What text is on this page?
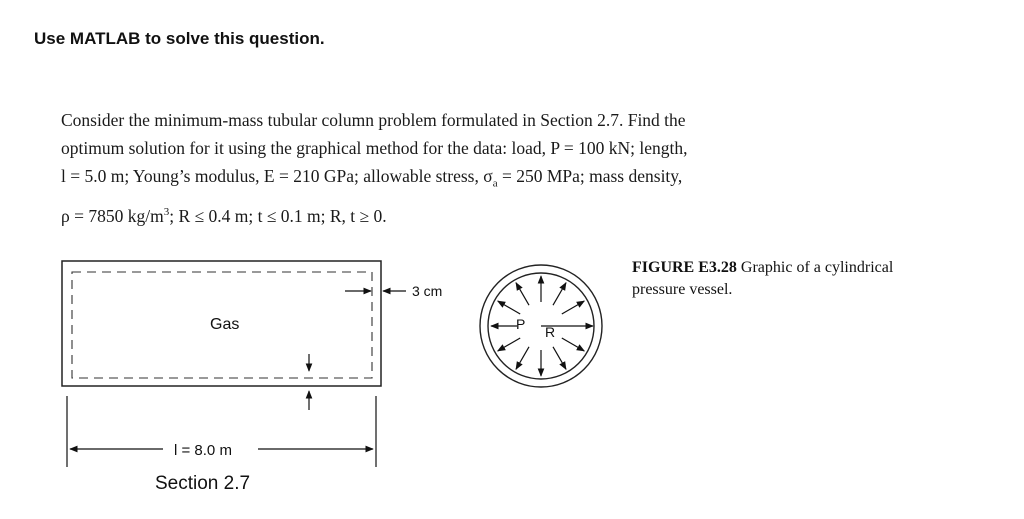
Use MATLAB to solve this question.
Consider the minimum-mass tubular column problem formulated in Section 2.7. Find the
optimum solution for it using the graphical method for the data: load, P = 100 kN; length,
l = 5.0 m; Young’s modulus, E = 210 GPa; allowable stress, $\sigma_a = 250$ MPa; mass density,
ρ = 7850 $kg/m^3$; R ≤ 0.4 m; t ≤ 0.1 m; R, t ≥ 0.
3 cm
Gas
l = 8.0 m
P R
FIGURE E3.28 Graphic of a cylindrical pressure vessel.
Section 2.7
